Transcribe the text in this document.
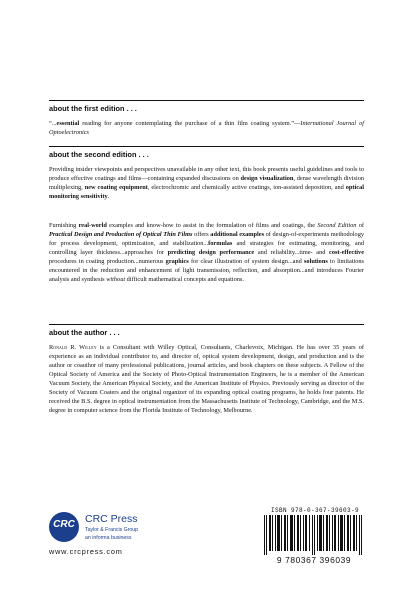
about the first edition . . .

“...essential reading for anyone contemplating the purchase of a thin film coating system.”—International Journal of Optoelectronics

about the second edition . . .

Providing insider viewpoints and perspectives unavailable in any other text, this book presents useful guidelines and tools to produce effective coatings and films—containing expanded discussions on design visualization, dense wavelength division multiplexing, new coating equipment, electrochromic and chemically active coatings, ion-assisted deposition, and optical monitoring sensitivity.

Furnishing real-world examples and know-how to assist in the formulation of films and coatings, the Second Edition of Practical Design and Production of Optical Thin Films offers additional examples of design-of-experiments methodology for process development, optimization, and stabilization...formulas and strategies for estimating, monitoring, and controlling layer thickness...approaches for predicting design performance and reliability...time- and cost-effective procedures in coating production...numerous graphics for clear illustration of system design...and solutions to limitations encountered in the reduction and enhancement of light transmission, reflection, and absorption...and introduces Fourier analysis and synthesis without difficult mathematical concepts and equations.

about the author . . .

Ronald R. Willey is a Consultant with Willey Optical, Consultants, Charlevoix, Michigan. He has over 35 years of experience as an individual contributor to, and director of, optical system development, design, and production and is the author or coauthor of many professional publications, journal articles, and book chapters on these subjects. A Fellow of the Optical Society of America and the Society of Photo-Optical Instrumentation Engineers, he is a member of the American Vacuum Society, the American Physical Society, and the American Institute of Physics. Previously serving as director of the Society of Vacuum Coaters and the original organizer of its expanding optical coating programs, he holds four patents. He received the B.S. degree in optical instrumentation from the Massachusetts Institute of Technology, Cambridge, and the M.S. degree in computer science from the Florida Institute of Technology, Melbourne.

CRC CRC Press
Taylor & Francis Group
an informa business
www.crcpress.com
ISBN 978-0-367-39603-9
9 780367 396039
